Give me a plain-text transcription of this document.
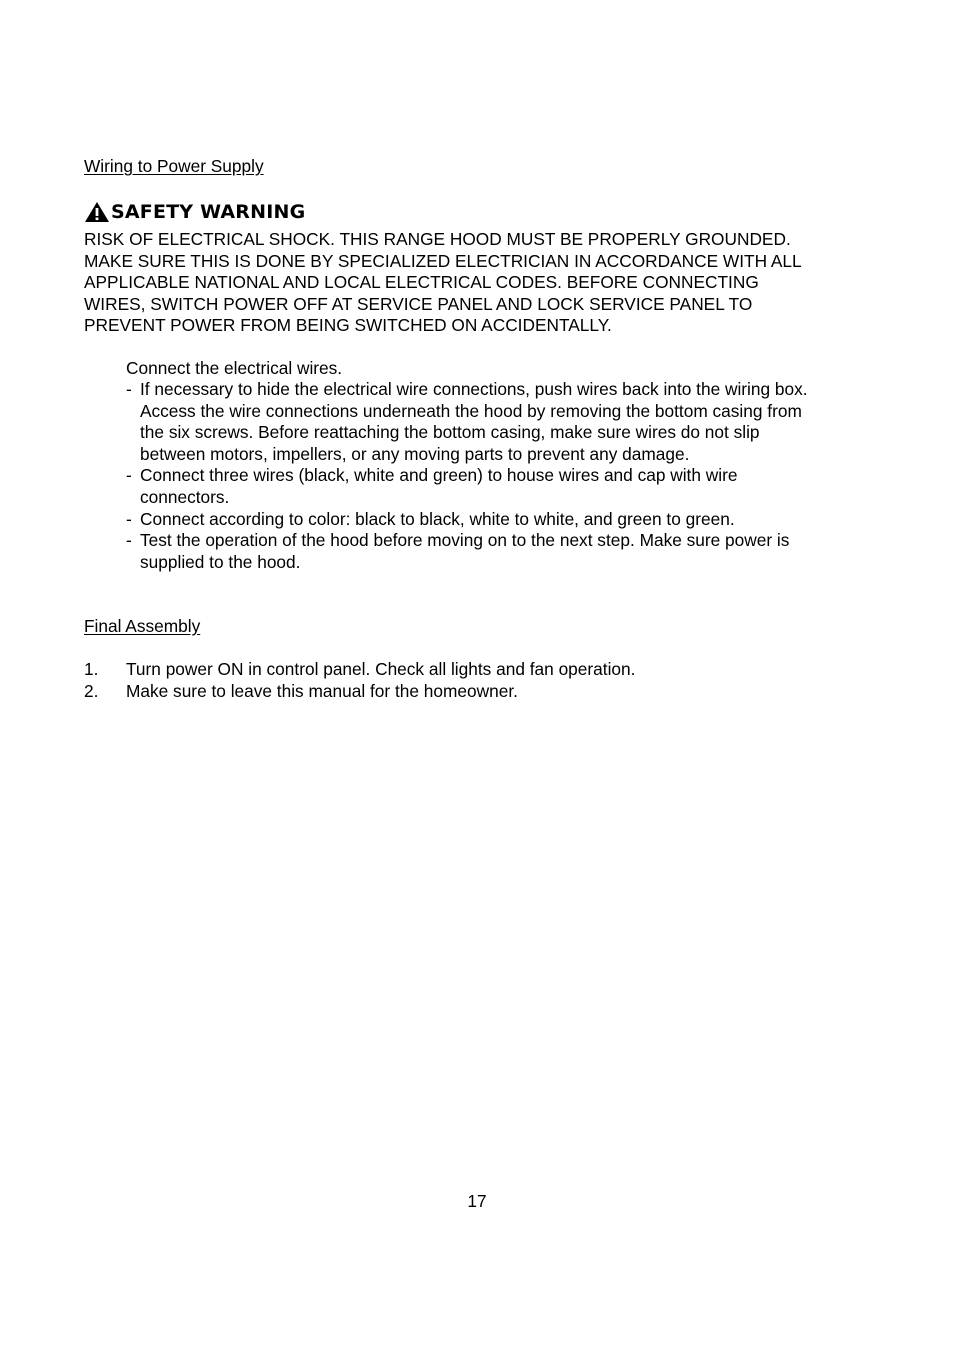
Wiring to Power Supply
SAFETY WARNING
RISK OF ELECTRICAL SHOCK. THIS RANGE HOOD MUST BE PROPERLY GROUNDED.
MAKE SURE THIS IS DONE BY SPECIALIZED ELECTRICIAN IN ACCORDANCE WITH ALL
APPLICABLE NATIONAL AND LOCAL ELECTRICAL CODES. BEFORE CONNECTING
WIRES, SWITCH POWER OFF AT SERVICE PANEL AND LOCK SERVICE PANEL TO
PREVENT POWER FROM BEING SWITCHED ON ACCIDENTALLY.
Connect the electrical wires.
- If necessary to hide the electrical wire connections, push wires back into the wiring box.
Access the wire connections underneath the hood by removing the bottom casing from
the six screws. Before reattaching the bottom casing, make sure wires do not slip
between motors, impellers, or any moving parts to prevent any damage.
- Connect three wires (black, white and green) to house wires and cap with wire
connectors.
- Connect according to color: black to black, white to white, and green to green.
- Test the operation of the hood before moving on to the next step. Make sure power is
supplied to the hood.
Final Assembly
1. Turn power ON in control panel. Check all lights and fan operation.
2. Make sure to leave this manual for the homeowner.
17
